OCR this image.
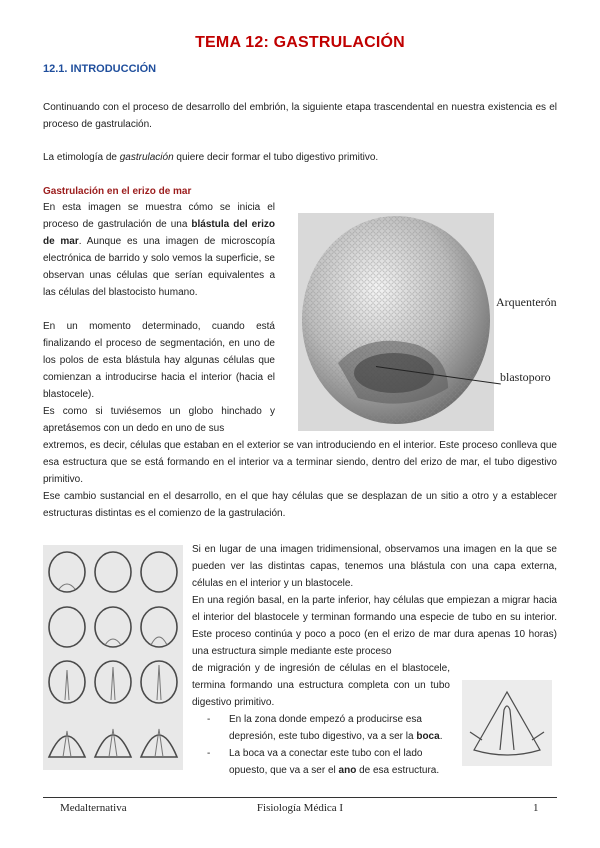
TEMA 12: GASTRULACIÓN
12.1. INTRODUCCIÓN

Continuando con el proceso de desarrollo del embrión, la siguiente etapa trascendental en nuestra existencia es el proceso de gastrulación.

La etimología de gastrulación quiere decir formar el tubo digestivo primitivo.

Gastrulación en el erizo de mar

En esta imagen se muestra cómo se inicia el proceso de gastrulación de una blástula del erizo de mar. Aunque es una imagen de microscopía electrónica de barrido y solo vemos la superficie, se observan unas células que serían equivalentes a las células del blastocisto humano.

En un momento determinado, cuando está finalizando el proceso de segmentación, en uno de los polos de esta blástula hay algunas células que comienzan a introducirse hacia el interior (hacia el blastocele).

Es como si tuviésemos un globo hinchado y apretásemos con un dedo en uno de sus

extremos, es decir, células que estaban en el exterior se van introduciendo en el interior. Este proceso conlleva que esa estructura que se está formando en el interior va a terminar siendo, dentro del erizo de mar, el tubo digestivo primitivo.

Ese cambio sustancial en el desarrollo, en el que hay células que se desplazan de un sitio a otro y a establecer estructuras distintas es el comienzo de la gastrulación.

Arquenterón
blastoporo

Si en lugar de una imagen tridimensional, observamos una imagen en la que se pueden ver las distintas capas, tenemos una blástula con una capa externa, células en el interior y un blastocele.

En una región basal, en la parte inferior, hay células que empiezan a migrar hacia el interior del blastocele y terminan formando una especie de tubo en su interior. Este proceso continúa y poco a poco (en el erizo de mar dura apenas 10 horas) una estructura simple mediante este proceso

de migración y de ingresión de células en el blastocele, termina formando una estructura completa con un tubo digestivo primitivo.

-	En la zona donde empezó a producirse esa depresión, este tubo digestivo, va a ser la boca.
-	La boca va a conectar este tubo con el lado opuesto, que va a ser el ano de esa estructura.
Medalternativa	Fisiología Médica I	1
